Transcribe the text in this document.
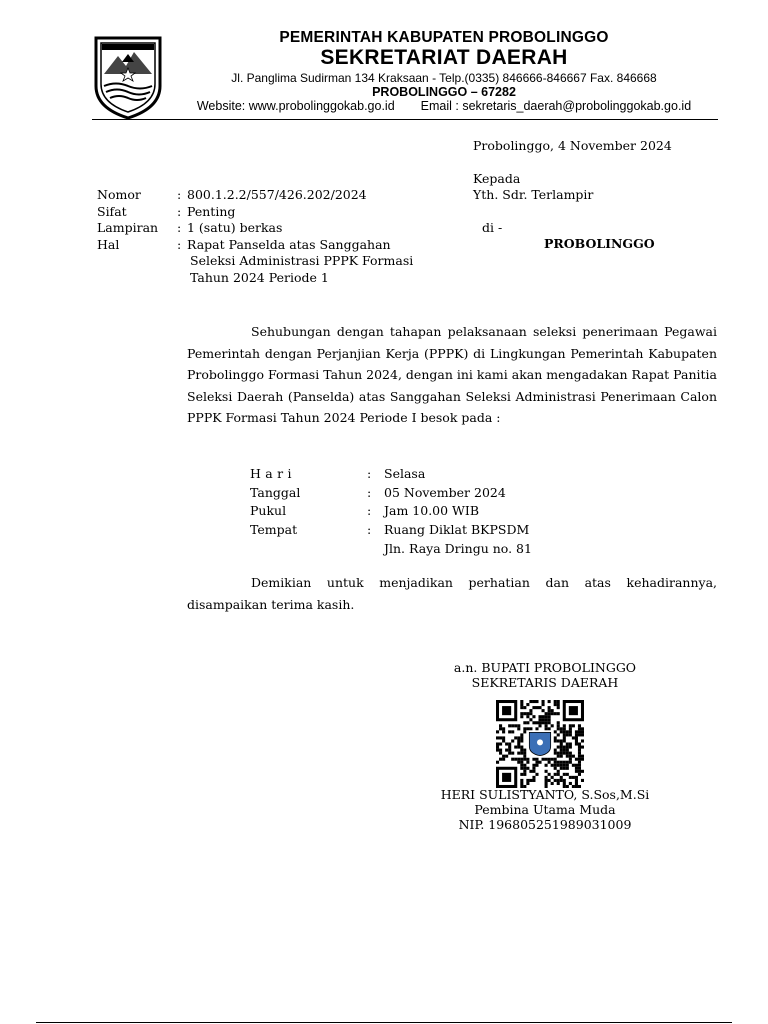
PEMERINTAH KABUPATEN PROBOLINGGO
SEKRETARIAT DAERAH
Jl. Panglima Sudirman 134 Kraksaan - Telp.(0335) 846666-846667 Fax. 846668
PROBOLINGGO – 67282
Website: www.probolinggokab.go.id Email : sekretaris_daerah@probolinggokab.go.id
Probolinggo, 4 November 2024
Kepada
Yth. Sdr. Terlampir
di -
PROBOLINGGO
Nomor	: 800.1.2.2/557/426.202/2024
Sifat	: Penting
Lampiran : 1 (satu) berkas
Hal	: Rapat Panselda atas Sanggahan
Seleksi Administrasi PPPK Formasi
Tahun 2024 Periode 1
Sehubungan dengan tahapan pelaksanaan seleksi penerimaan Pegawai Pemerintah dengan Perjanjian Kerja (PPPK) di Lingkungan Pemerintah Kabupaten Probolinggo Formasi Tahun 2024, dengan ini kami akan mengadakan Rapat Panitia Seleksi Daerah (Panselda) atas Sanggahan Seleksi Administrasi Penerimaan Calon PPPK Formasi Tahun 2024 Periode I besok pada :
Hari	: Selasa
Tanggal	: 05 November 2024
Pukul	: Jam 10.00 WIB
Tempat	: Ruang Diklat BKPSDM
Jln. Raya Dringu no. 81
Demikian untuk menjadikan perhatian dan atas kehadirannya, disampaikan terima kasih.
a.n. BUPATI PROBOLINGGO
SEKRETARIS DAERAH
HERI SULISTYANTO, S.Sos,M.Si
Pembina Utama Muda
NIP. 196805251989031009
